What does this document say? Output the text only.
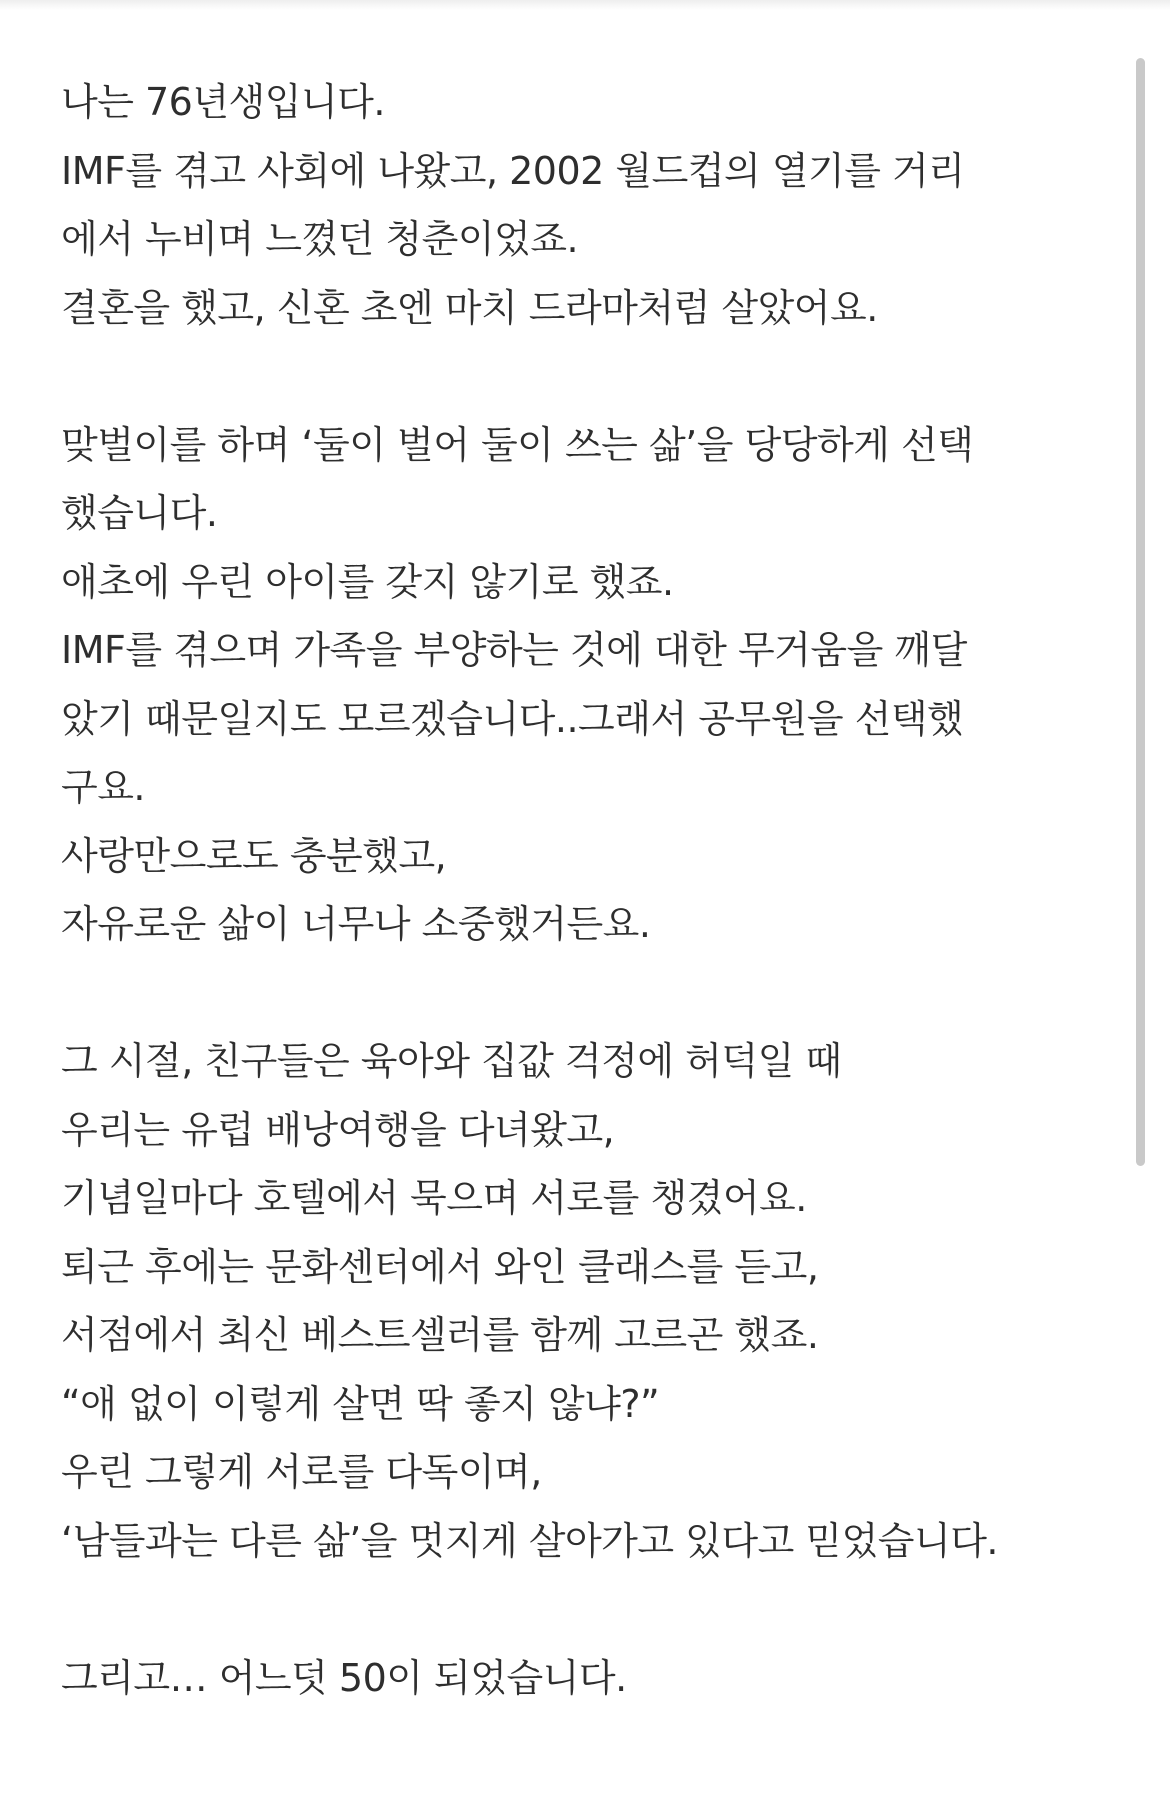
나는 76년생입니다.
IMF를 겪고 사회에 나왔고, 2002 월드컵의 열기를 거리
에서 누비며 느꼈던 청춘이었죠.
결혼을 했고, 신혼 초엔 마치 드라마처럼 살았어요.
맞벌이를 하며 ‘둘이 벌어 둘이 쓰는 삶’을 당당하게 선택
했습니다.
애초에 우린 아이를 갖지 않기로 했죠.
IMF를 겪으며 가족을 부양하는 것에 대한 무거움을 깨달
았기 때문일지도 모르겠습니다..그래서 공무원을 선택했
구요.
사랑만으로도 충분했고,
자유로운 삶이 너무나 소중했거든요.
그 시절, 친구들은 육아와 집값 걱정에 허덕일 때
우리는 유럽 배낭여행을 다녀왔고,
기념일마다 호텔에서 묵으며 서로를 챙겼어요.
퇴근 후에는 문화센터에서 와인 클래스를 듣고,
서점에서 최신 베스트셀러를 함께 고르곤 했죠.
“애 없이 이렇게 살면 딱 좋지 않냐?”
우린 그렇게 서로를 다독이며,
‘남들과는 다른 삶’을 멋지게 살아가고 있다고 믿었습니다.
그리고… 어느덧 50이 되었습니다.
